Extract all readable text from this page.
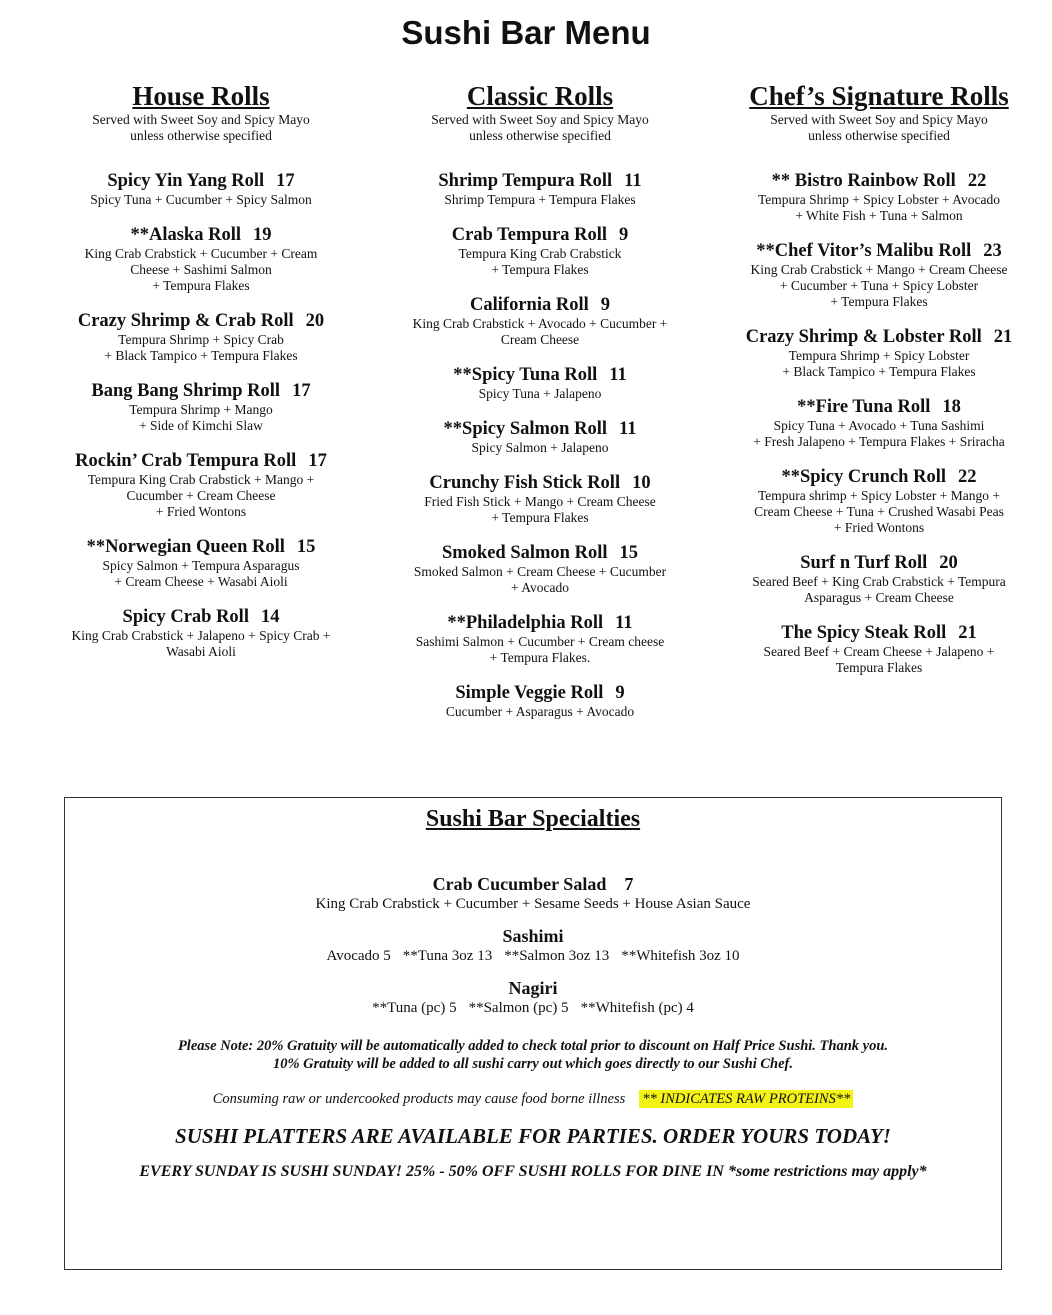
Sushi Bar Menu
House Rolls
Served with Sweet Soy and Spicy Mayo
unless otherwise specified
Spicy Yin Yang Roll 17
Spicy Tuna + Cucumber + Spicy Salmon
**Alaska Roll 19
King Crab Crabstick + Cucumber + Cream
Cheese + Sashimi Salmon
+ Tempura Flakes
Crazy Shrimp & Crab Roll 20
Tempura Shrimp + Spicy Crab
+ Black Tampico + Tempura Flakes
Bang Bang Shrimp Roll 17
Tempura Shrimp + Mango
+ Side of Kimchi Slaw
Rockin’ Crab Tempura Roll 17
Tempura King Crab Crabstick + Mango +
Cucumber + Cream Cheese
+ Fried Wontons
**Norwegian Queen Roll 15
Spicy Salmon + Tempura Asparagus
+ Cream Cheese + Wasabi Aioli
Spicy Crab Roll 14
King Crab Crabstick + Jalapeno + Spicy Crab +
Wasabi Aioli
Classic Rolls
Served with Sweet Soy and Spicy Mayo
unless otherwise specified
Shrimp Tempura Roll 11
Shrimp Tempura + Tempura Flakes
Crab Tempura Roll 9
Tempura King Crab Crabstick
+ Tempura Flakes
California Roll 9
King Crab Crabstick + Avocado + Cucumber +
Cream Cheese
**Spicy Tuna Roll 11
Spicy Tuna + Jalapeno
**Spicy Salmon Roll 11
Spicy Salmon + Jalapeno
Crunchy Fish Stick Roll 10
Fried Fish Stick + Mango + Cream Cheese
+ Tempura Flakes
Smoked Salmon Roll 15
Smoked Salmon + Cream Cheese + Cucumber
+ Avocado
**Philadelphia Roll 11
Sashimi Salmon + Cucumber + Cream cheese
+ Tempura Flakes.
Simple Veggie Roll 9
Cucumber + Asparagus + Avocado
Chef’s Signature Rolls
Served with Sweet Soy and Spicy Mayo
unless otherwise specified
** Bistro Rainbow Roll 22
Tempura Shrimp + Spicy Lobster + Avocado
+ White Fish + Tuna + Salmon
**Chef Vitor’s Malibu Roll 23
King Crab Crabstick + Mango + Cream Cheese
+ Cucumber + Tuna + Spicy Lobster
+ Tempura Flakes
Crazy Shrimp & Lobster Roll 21
Tempura Shrimp + Spicy Lobster
+ Black Tampico + Tempura Flakes
**Fire Tuna Roll 18
Spicy Tuna + Avocado + Tuna Sashimi
+ Fresh Jalapeno + Tempura Flakes + Sriracha
**Spicy Crunch Roll 22
Tempura shrimp + Spicy Lobster + Mango +
Cream Cheese + Tuna + Crushed Wasabi Peas
+ Fried Wontons
Surf n Turf Roll 20
Seared Beef + King Crab Crabstick + Tempura
Asparagus + Cream Cheese
The Spicy Steak Roll 21
Seared Beef + Cream Cheese + Jalapeno +
Tempura Flakes
Sushi Bar Specialties
Crab Cucumber Salad 7
King Crab Crabstick + Cucumber + Sesame Seeds + House Asian Sauce
Sashimi
Avocado 5 **Tuna 3oz 13 **Salmon 3oz 13 **Whitefish 3oz 10
Nagiri
**Tuna (pc) 5 **Salmon (pc) 5 **Whitefish (pc) 4
Please Note: 20% Gratuity will be automatically added to check total prior to discount on Half Price Sushi. Thank you.
10% Gratuity will be added to all sushi carry out which goes directly to our Sushi Chef.
Consuming raw or undercooked products may cause food borne illness ** INDICATES RAW PROTEINS**
SUSHI PLATTERS ARE AVAILABLE FOR PARTIES. ORDER YOURS TODAY!
EVERY SUNDAY IS SUSHI SUNDAY! 25% - 50% OFF SUSHI ROLLS FOR DINE IN *some restrictions may apply*
